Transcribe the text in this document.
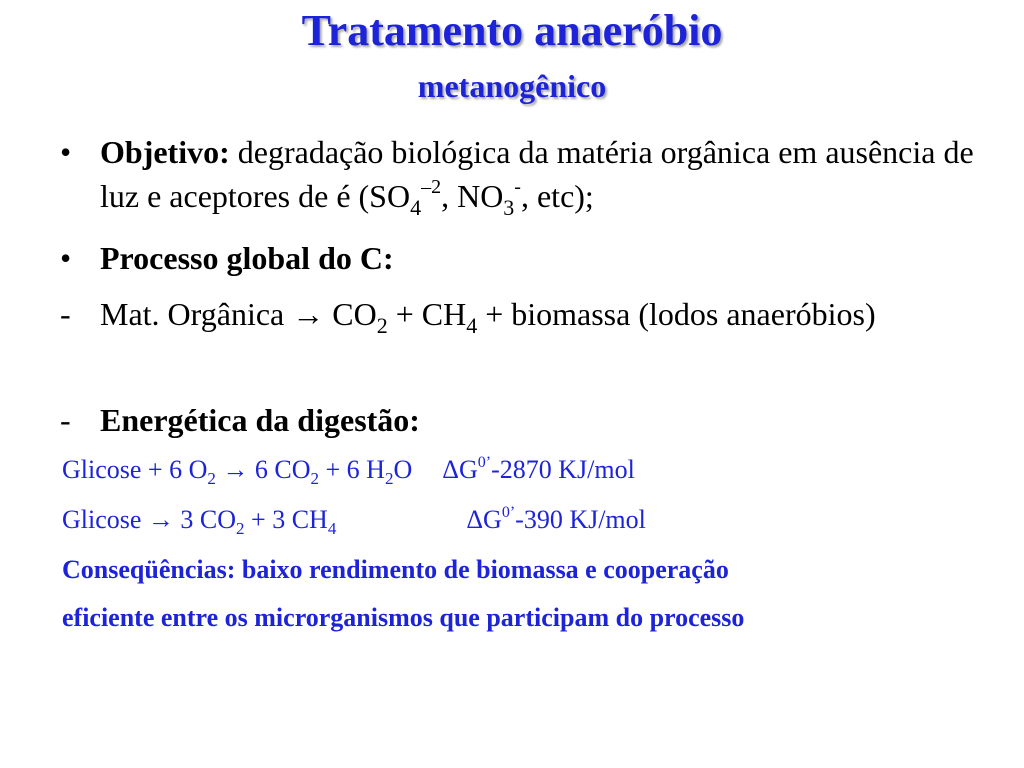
Tratamento anaeróbio
metanogênico
• Objetivo: degradação biológica da matéria orgânica em ausência de luz e aceptores de é ($SO_4^{-2}$, $NO_3^-$, etc);
• Processo global do C:
- Mat. Orgânica → $CO_2 + CH_4$ + biomassa (lodos anaeróbios)
- Energética da digestão:
Glicose + 6 $O_2 \to 6$ $CO_2 + 6$ $H_2O$ $\Delta G^{0’}-2870$ KJ/mol
Glicose → 3 $CO_2 + 3$ $CH_4$	$\Delta G^{0’}-390$ KJ/mol
Conseqüências: baixo rendimento de biomassa e cooperação
eficiente entre os microrganismos que participam do processo
